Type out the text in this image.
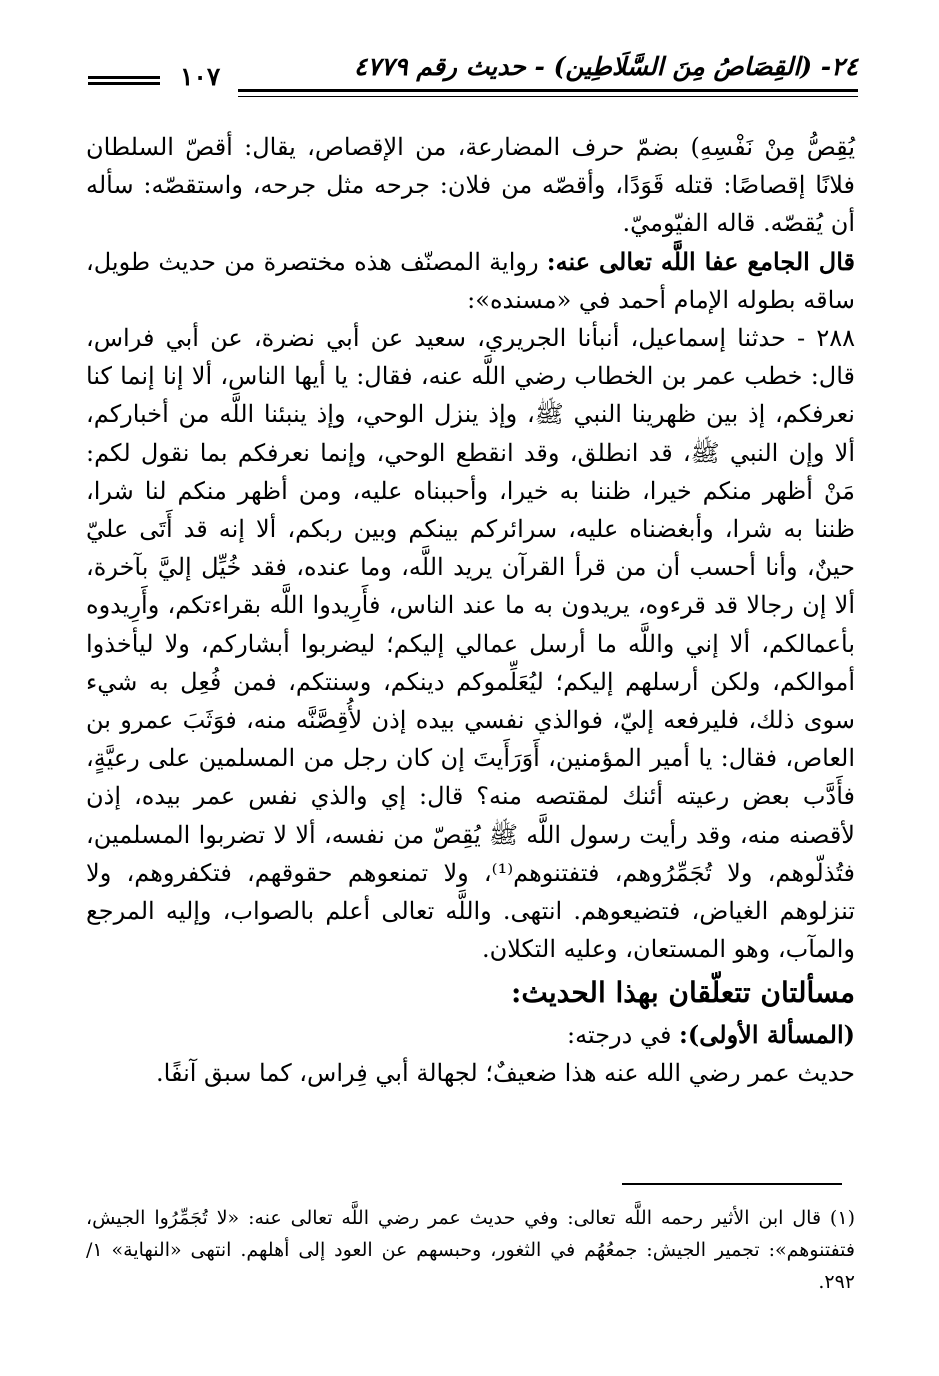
٢٤- (القِصَاصُ مِنَ السَّلَاطِين) - حديث رقم ٤٧٧٩
١٠٧

يُقِصُّ مِنْ نَفْسِهِ) بضمّ حرف المضارعة، من الإقصاص، يقال: أقصّ السلطان فلانًا إقصاصًا: قتله قَوَدًا، وأقصّه من فلان: جرحه مثل جرحه، واستقصّه: سأله أن يُقصّه. قاله الفيّوميّ.

قال الجامع عفا اللَّه تعالى عنه: رواية المصنّف هذه مختصرة من حديث طويل، ساقه بطوله الإمام أحمد في «مسنده»:

٢٨٨ - حدثنا إسماعيل، أنبأنا الجريري، سعيد عن أبي نضرة، عن أبي فراس، قال: خطب عمر بن الخطاب رضي اللَّه عنه، فقال: يا أيها الناس، ألا إنا إنما كنا نعرفكم، إذ بين ظهرينا النبي ﷺ، وإذ ينزل الوحي، وإذ ينبئنا اللَّه من أخباركم، ألا وإن النبي ﷺ، قد انطلق، وقد انقطع الوحي، وإنما نعرفكم بما نقول لكم: مَنْ أظهر منكم خيرا، ظننا به خيرا، وأحببناه عليه، ومن أظهر منكم لنا شرا، ظننا به شرا، وأبغضناه عليه، سرائركم بينكم وبين ربكم، ألا إنه قد أَتَى عليّ حينٌ، وأنا أحسب أن من قرأ القرآن يريد اللَّه، وما عنده، فقد خُيِّل إليَّ بآخرة، ألا إن رجالا قد قرءوه، يريدون به ما عند الناس، فأَرِيدوا اللَّه بقراءتكم، وأَرِيدوه بأعمالكم، ألا إني واللَّه ما أرسل عمالي إليكم؛ ليضربوا أبشاركم، ولا ليأخذوا أموالكم، ولكن أرسلهم إليكم؛ ليُعَلِّموكم دينكم، وسنتكم، فمن فُعِل به شيء سوى ذلك، فليرفعه إليّ، فوالذي نفسي بيده إذن لأُقِصَّنَّه منه، فوَثَبَ عمرو بن العاص، فقال: يا أمير المؤمنين، أَوَرَأَيتَ إن كان رجل من المسلمين على رعيَّةٍ، فأَدَّب بعض رعيته أئنك لمقتصه منه؟ قال: إي والذي نفس عمر بيده، إذن لأقصنه منه، وقد رأيت رسول اللَّه ﷺ يُقِصّ من نفسه، ألا لا تضربوا المسلمين، فتُذلّوهم، ولا تُجَمِّرُوهم، فتفتنوهم⁽¹⁾، ولا تمنعوهم حقوقهم، فتكفروهم، ولا تنزلوهم الغياض، فتضيعوهم. انتهى. واللَّه تعالى أعلم بالصواب، وإليه المرجع والمآب، وهو المستعان، وعليه التكلان.

مسألتان تتعلّقان بهذا الحديث:

(المسألة الأولى): في درجته:

حديث عمر رضي الله عنه هذا ضعيفٌ؛ لجهالة أبي فِراس، كما سبق آنفًا.

(١) قال ابن الأثير رحمه اللَّه تعالى: وفي حديث عمر رضي اللَّه تعالى عنه: «لا تُجَمِّرُوا الجيش، فتفتنوهم»: تجمير الجيش: جمعُهُم في الثغور، وحبسهم عن العود إلى أهلهم. انتهى «النهاية» ١/ ٢٩٢.
